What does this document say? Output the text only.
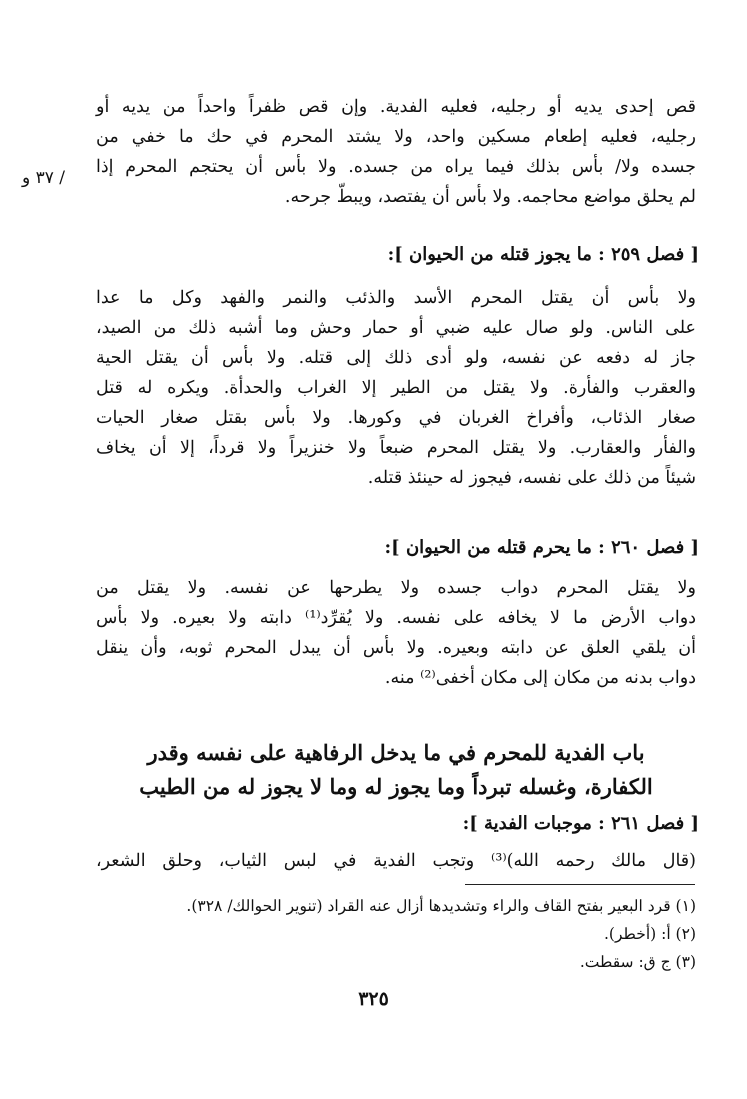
/ ٣٧ و
قص إحدى يديه أو رجليه، فعليه الفدية. وإن قص ظفراً واحداً من يديه أو
رجليه، فعليه إطعام مسكين واحد، ولا يشتد المحرم في حك ما خفي من
جسده ولا/ بأس بذلك فيما يراه من جسده. ولا بأس أن يحتجم المحرم إذا
لم يحلق مواضع محاجمه. ولا بأس أن يفتصد، ويبطّ جرحه.
[ فصل ٢٥٩ : ما يجوز قتله من الحيوان ]:
ولا بأس أن يقتل المحرم الأسد والذئب والنمر والفهد وكل ما عدا
على الناس. ولو صال عليه ضبي أو حمار وحش وما أشبه ذلك من الصيد،
جاز له دفعه عن نفسه، ولو أدى ذلك إلى قتله. ولا بأس أن يقتل الحية
والعقرب والفأرة. ولا يقتل من الطير إلا الغراب والحدأة. ويكره له قتل
صغار الذئاب، وأفراخ الغربان في وكورها. ولا بأس بقتل صغار الحيات
والفأر والعقارب. ولا يقتل المحرم ضبعاً ولا خنزيراً ولا قرداً، إلا أن يخاف
شيئاً من ذلك على نفسه، فيجوز له حينئذ قتله.
[ فصل ٢٦٠ : ما يحرم قتله من الحيوان ]:
ولا يقتل المحرم دواب جسده ولا يطرحها عن نفسه. ولا يقتل من
دواب الأرض ما لا يخافه على نفسه. ولا يُقرِّد⁽¹⁾ دابته ولا بعيره. ولا بأس
أن يلقي العلق عن دابته وبعيره. ولا بأس أن يبدل المحرم ثوبه، وأن ينقل
دواب بدنه من مكان إلى مكان أخفى⁽²⁾ منه.
باب الفدية للمحرم في ما يدخل الرفاهية على نفسه وقدر
الكفارة، وغسله تبرداً وما يجوز له وما لا يجوز له من الطيب
[ فصل ٢٦١ : موجبات الفدية ]:
(قال مالك رحمه الله)⁽³⁾ وتجب الفدية في لبس الثياب، وحلق الشعر،
(١) قرد البعير بفتح القاف والراء وتشديدها أزال عنه القراد (تنوير الحوالك/ ٣٢٨).
(٢) أ: (أخطر).
(٣) ج ق: سقطت.
٣٢٥
